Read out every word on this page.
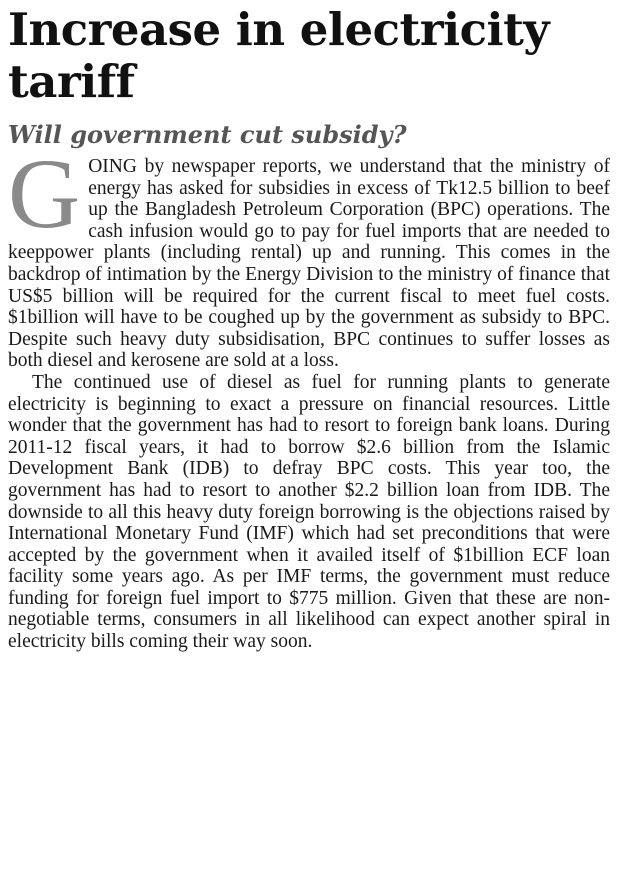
Increase in electricity tariff
Will government cut subsidy?

GOING by newspaper reports, we understand that the ministry of energy has asked for subsidies in excess of Tk12.5 billion to beef up the Bangladesh Petroleum Corporation (BPC) operations. The cash infusion would go to pay for fuel imports that are needed to keeppower plants (including rental) up and running. This comes in the backdrop of intimation by the Energy Division to the ministry of finance that US$5 billion will be required for the current fiscal to meet fuel costs. $1billion will have to be coughed up by the government as subsidy to BPC. Despite such heavy duty subsidisation, BPC continues to suffer losses as both diesel and kerosene are sold at a loss.

The continued use of diesel as fuel for running plants to generate electricity is beginning to exact a pressure on financial resources. Little wonder that the government has had to resort to foreign bank loans. During 2011-12 fiscal years, it had to borrow $2.6 billion from the Islamic Development Bank (IDB) to defray BPC costs. This year too, the government has had to resort to another $2.2 billion loan from IDB. The downside to all this heavy duty foreign borrowing is the objections raised by International Monetary Fund (IMF) which had set preconditions that were accepted by the government when it availed itself of $1billion ECF loan facility some years ago. As per IMF terms, the government must reduce funding for foreign fuel import to $775 million. Given that these are non-negotiable terms, consumers in all likelihood can expect another spiral in electricity bills coming their way soon.
